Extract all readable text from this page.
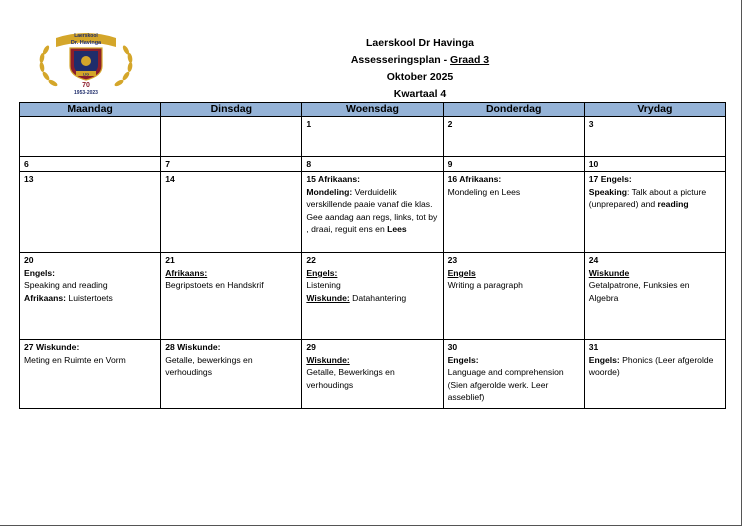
Laerskool
Dr. Havinga
LIG
70
1953-2023
Laerskool Dr Havinga
Assesseringsplan - Graad 3
Oktober 2025
Kwartaal 4
Maandag	Dinsdag	Woensdag	Donderdag	Vrydag
		1	2	3
6	7	8	9	10
13	14	15 Afrikaans:
Mondeling: Verduidelik verskillende paaie vanaf die klas. Gee aandag aan regs, links, tot by , draai, reguit ens en Lees	16 Afrikaans:
Mondeling en Lees	17 Engels:
Speaking: Talk about a picture (unprepared) and reading

20
Engels:
Speaking and reading
Afrikaans: Luistertoets	21
Afrikaans:
Begripstoets en Handskrif	22
Engels:
Listening
Wiskunde: Datahantering	23
Engels
Writing a paragraph	24
Wiskunde
Getalpatrone, Funksies en Algebra

27 Wiskunde:
Meting en Ruimte en Vorm	28 Wiskunde:
Getalle, bewerkings en verhoudings	29
Wiskunde:
Getalle, Bewerkings en verhoudings	30
Engels:
Language and comprehension (Sien afgerolde werk. Leer asseblief)	31
Engels: Phonics (Leer afgerolde woorde)
